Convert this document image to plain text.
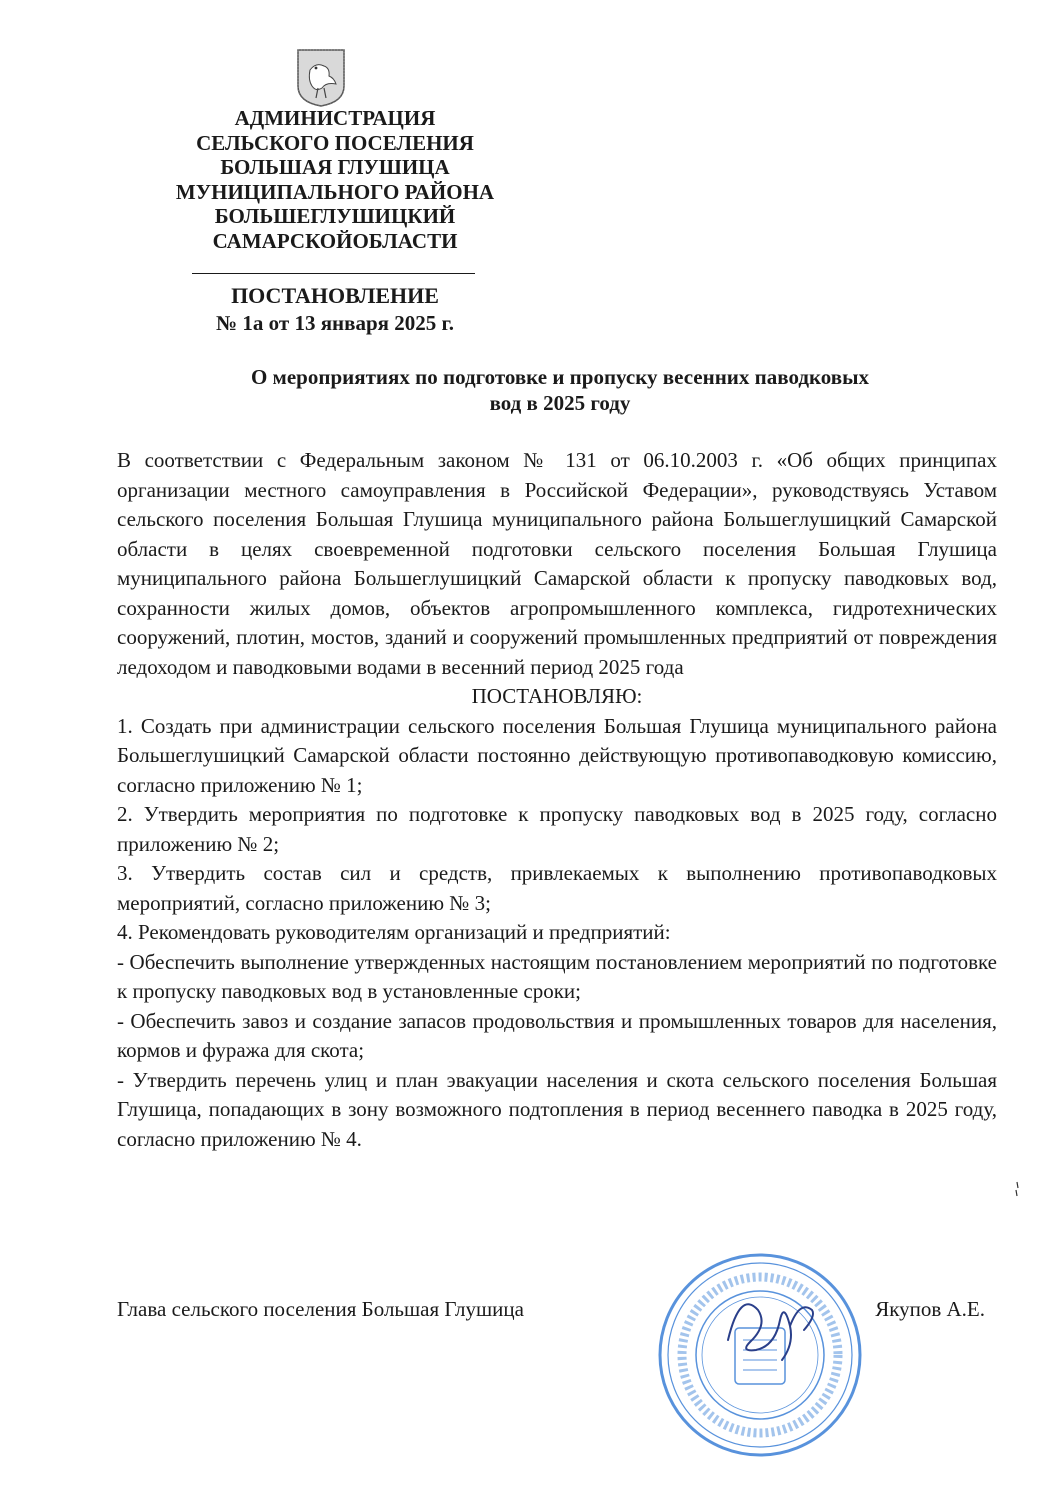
АДМИНИСТРАЦИЯ
СЕЛЬСКОГО ПОСЕЛЕНИЯ
БОЛЬШАЯ ГЛУШИЦА
МУНИЦИПАЛЬНОГО РАЙОНА
БОЛЬШЕГЛУШИЦКИЙ
САМАРСКОЙОБЛАСТИ
ПОСТАНОВЛЕНИЕ
№ 1а от 13 января 2025 г.
О мероприятиях по подготовке и пропуску весенних паводковых
вод в 2025 году

В соответствии с Федеральным законом № 131 от 06.10.2003 г. «Об общих принципах организации местного самоуправления в Российской Федерации», руководствуясь Уставом сельского поселения Большая Глушица муниципального района Большеглушицкий Самарской области в целях своевременной подготовки сельского поселения Большая Глушица муниципального района Большеглушицкий Самарской области к пропуску паводковых вод, сохранности жилых домов, объектов агропромышленного комплекса, гидротехнических сооружений, плотин, мостов, зданий и сооружений промышленных предприятий от повреждения ледоходом и паводковыми водами в весенний период 2025 года

ПОСТАНОВЛЯЮ:

1. Создать при администрации сельского поселения Большая Глушица муниципального района Большеглушицкий Самарской области постоянно действующую противопаводковую комиссию, согласно приложению № 1;

2. Утвердить мероприятия по подготовке к пропуску паводковых вод в 2025 году, согласно приложению № 2;

3. Утвердить состав сил и средств, привлекаемых к выполнению противопаводковых мероприятий, согласно приложению № 3;

4. Рекомендовать руководителям организаций и предприятий:

- Обеспечить выполнение утвержденных настоящим постановлением мероприятий по подготовке к пропуску паводковых вод в установленные сроки;

- Обеспечить завоз и создание запасов продовольствия и промышленных товаров для населения, кормов и фуража для скота;

- Утвердить перечень улиц и план эвакуации населения и скота сельского поселения Большая Глушица, попадающих в зону возможного подтопления в период весеннего паводка в 2025 году, согласно приложению № 4.

Глава сельского поселения Большая Глушица	Якупов А.Е.
